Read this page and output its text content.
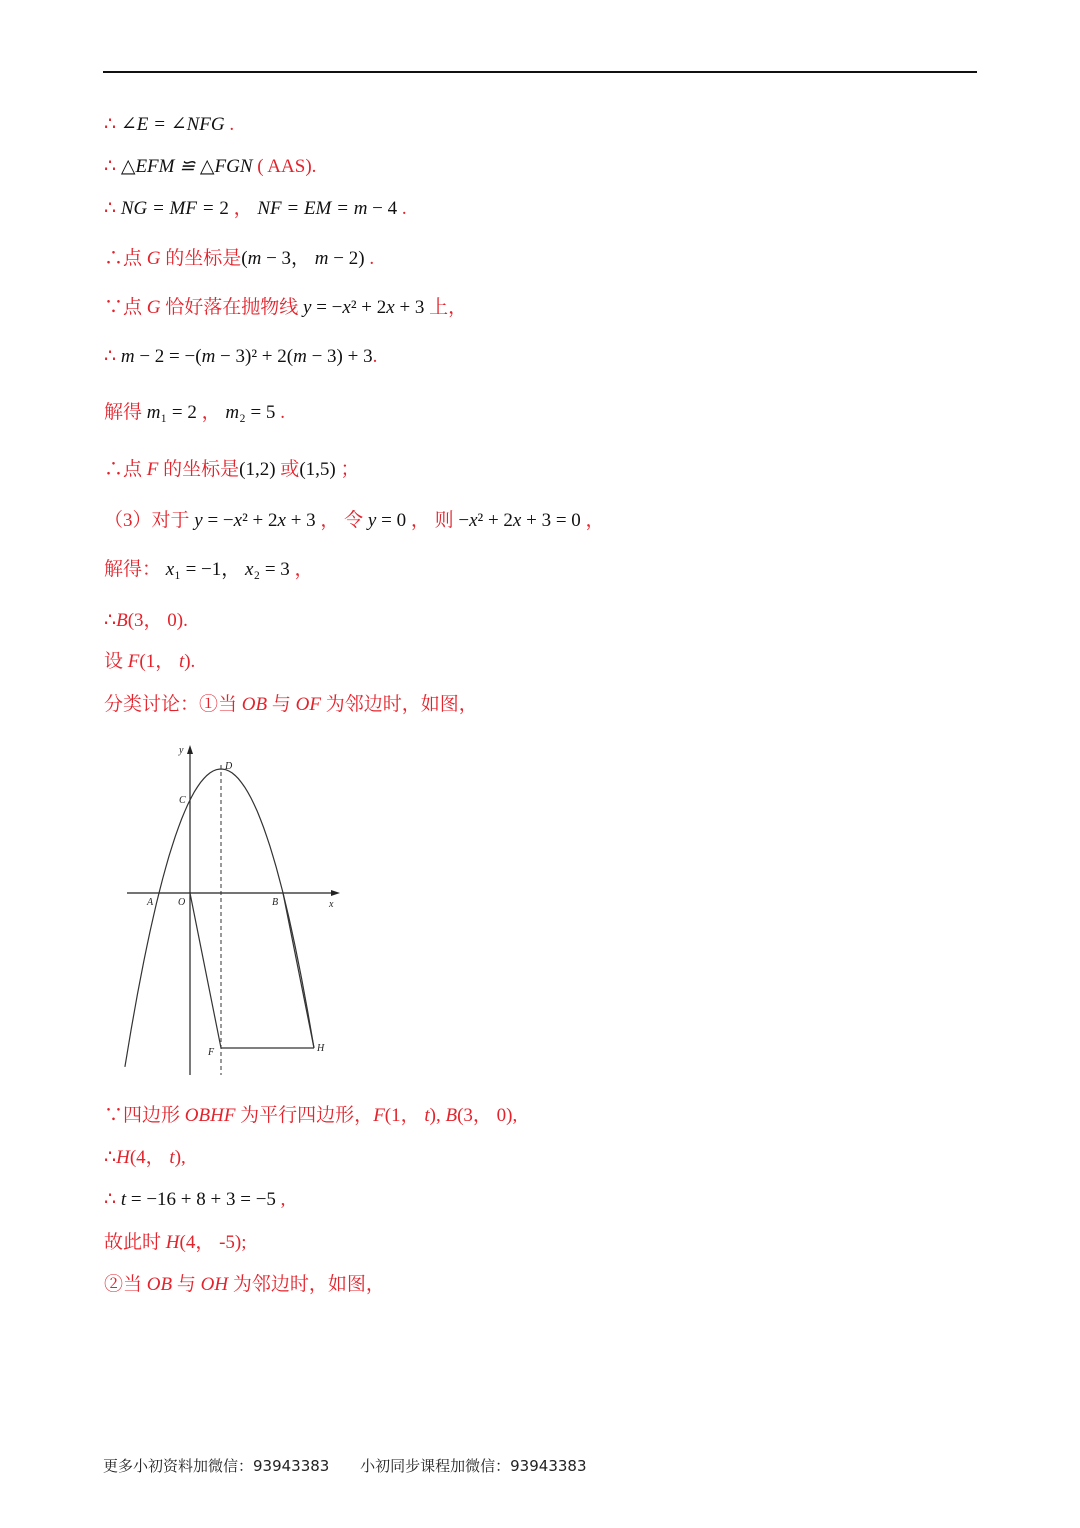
∴ ∠E = ∠NFG .
∴ △EFM ≌ △FGN ( AAS).
∴ NG = MF = 2 ， NF = EM = m − 4 .
∴点 G 的坐标是(m − 3， m − 2) .
∵点 G 恰好落在抛物线 y = −x² + 2x + 3 上，
∴ m − 2 = −(m − 3)² + 2(m − 3) + 3.
解得 m₁ = 2 ， m₂ = 5 .
∴点 F 的坐标是(1,2) 或(1,5) ；
（3）对于 y = −x² + 2x + 3 ， 令 y = 0 ， 则 −x² + 2x + 3 = 0 ，
解得： x₁ = −1， x₂ = 3 ，
∴B(3， 0).
设 F(1， t).
分类讨论：①当 OB 与 OF 为邻边时，如图，
∵四边形 OBHF 为平行四边形，F(1， t), B(3， 0),
∴H(4， t),
∴ t = −16 + 8 + 3 = −5 ,
故此时 H(4， -5);
②当 OB 与 OH 为邻边时，如图，
y
D
C
A O	B	x
F	H
更多小初资料加微信：93943383 小初同步课程加微信：93943383
